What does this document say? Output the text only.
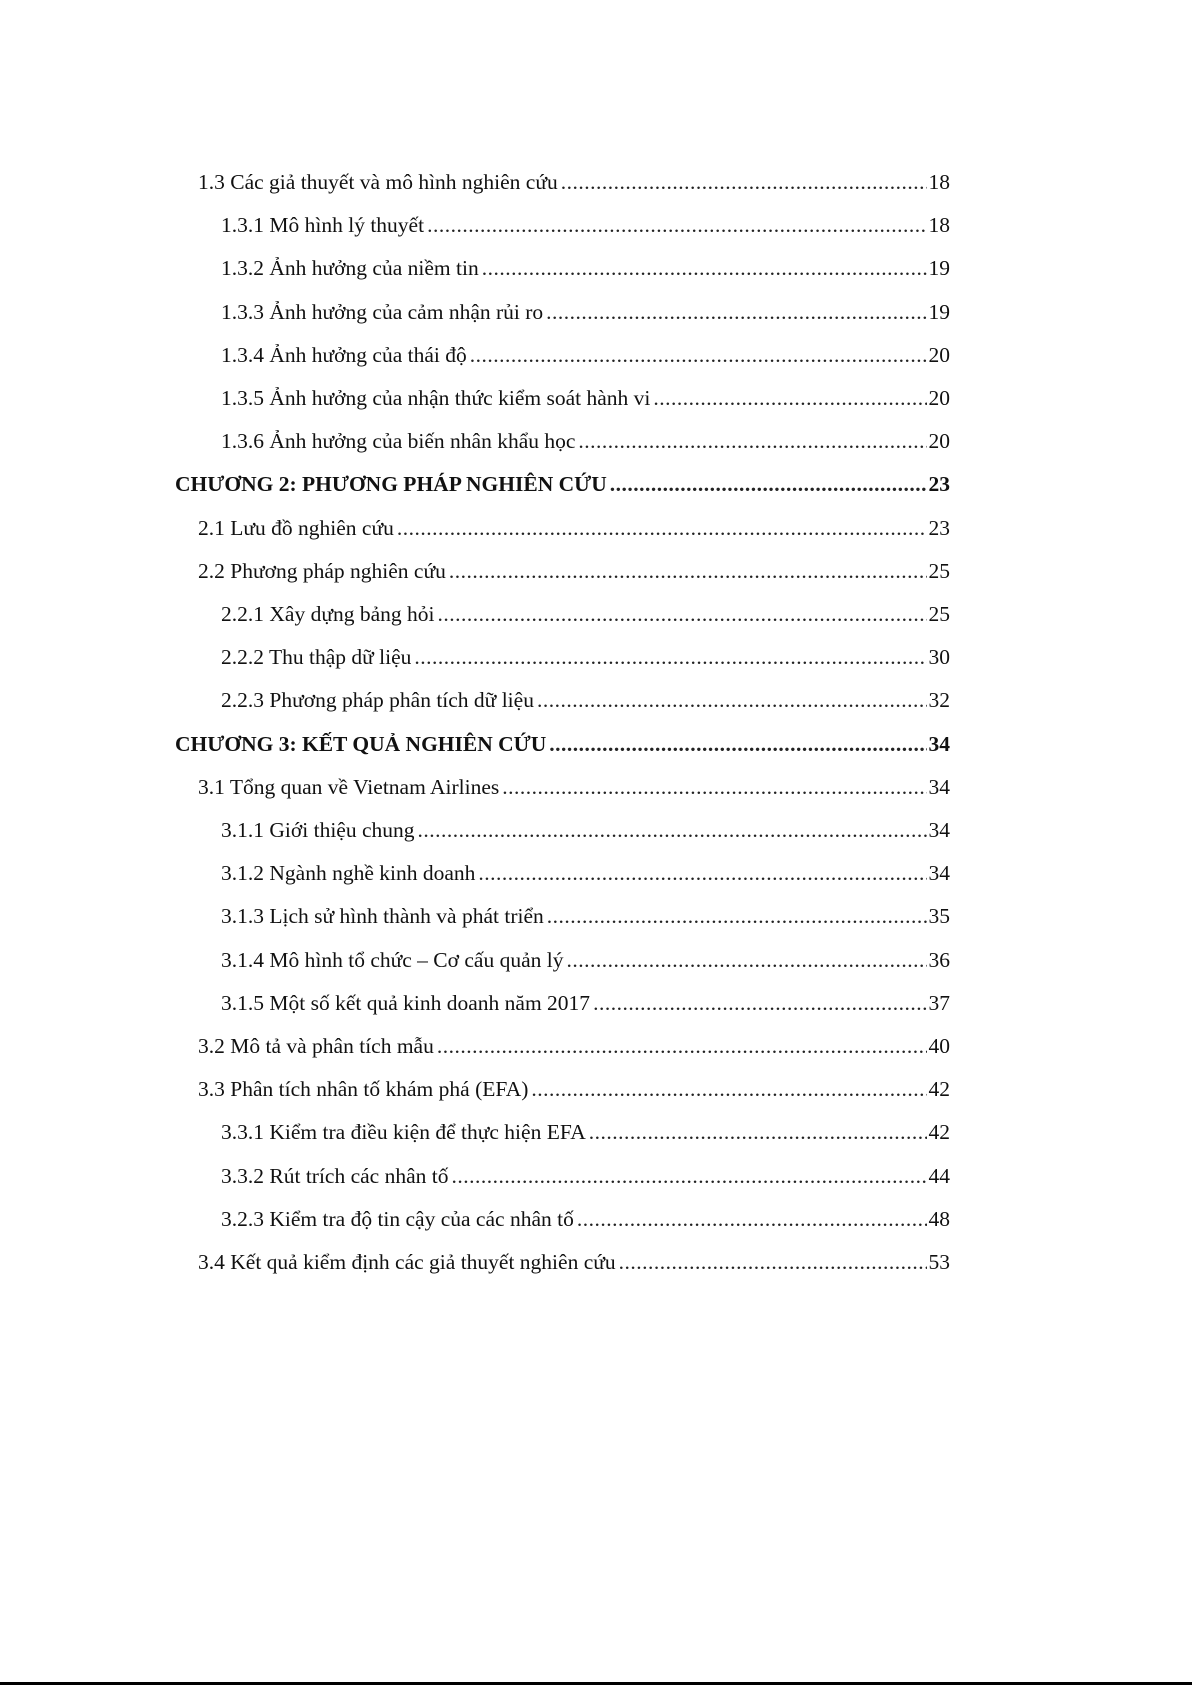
1.3 Các giả thuyết và mô hình nghiên cứu .....	18
1.3.1 Mô hình lý thuyết .....	18
1.3.2 Ảnh hưởng của niềm tin .....	19
1.3.3 Ảnh hưởng của cảm nhận rủi ro .....	19
1.3.4 Ảnh hưởng của thái độ .....	20
1.3.5 Ảnh hưởng của nhận thức kiểm soát hành vi .....	20
1.3.6 Ảnh hưởng của biến nhân khẩu học .....	20
CHƯƠNG 2: PHƯƠNG PHÁP NGHIÊN CỨU .....	23
2.1 Lưu đồ nghiên cứu .....	23
2.2 Phương pháp nghiên cứu .....	25
2.2.1 Xây dựng bảng hỏi .....	25
2.2.2 Thu thập dữ liệu .....	30
2.2.3 Phương pháp phân tích dữ liệu .....	32
CHƯƠNG 3: KẾT QUẢ NGHIÊN CỨU .....	34
3.1 Tổng quan về Vietnam Airlines .....	34
3.1.1 Giới thiệu chung .....	34
3.1.2 Ngành nghề kinh doanh .....	34
3.1.3 Lịch sử hình thành và phát triển .....	35
3.1.4 Mô hình tổ chức – Cơ cấu quản lý .....	36
3.1.5 Một số kết quả kinh doanh năm 2017 .....	37
3.2 Mô tả và phân tích mẫu .....	40
3.3 Phân tích nhân tố khám phá (EFA) .....	42
3.3.1 Kiểm tra điều kiện để thực hiện EFA .....	42
3.3.2 Rút trích các nhân tố .....	44
3.2.3 Kiểm tra độ tin cậy của các nhân tố .....	48
3.4 Kết quả kiểm định các giả thuyết nghiên cứu .....	53
